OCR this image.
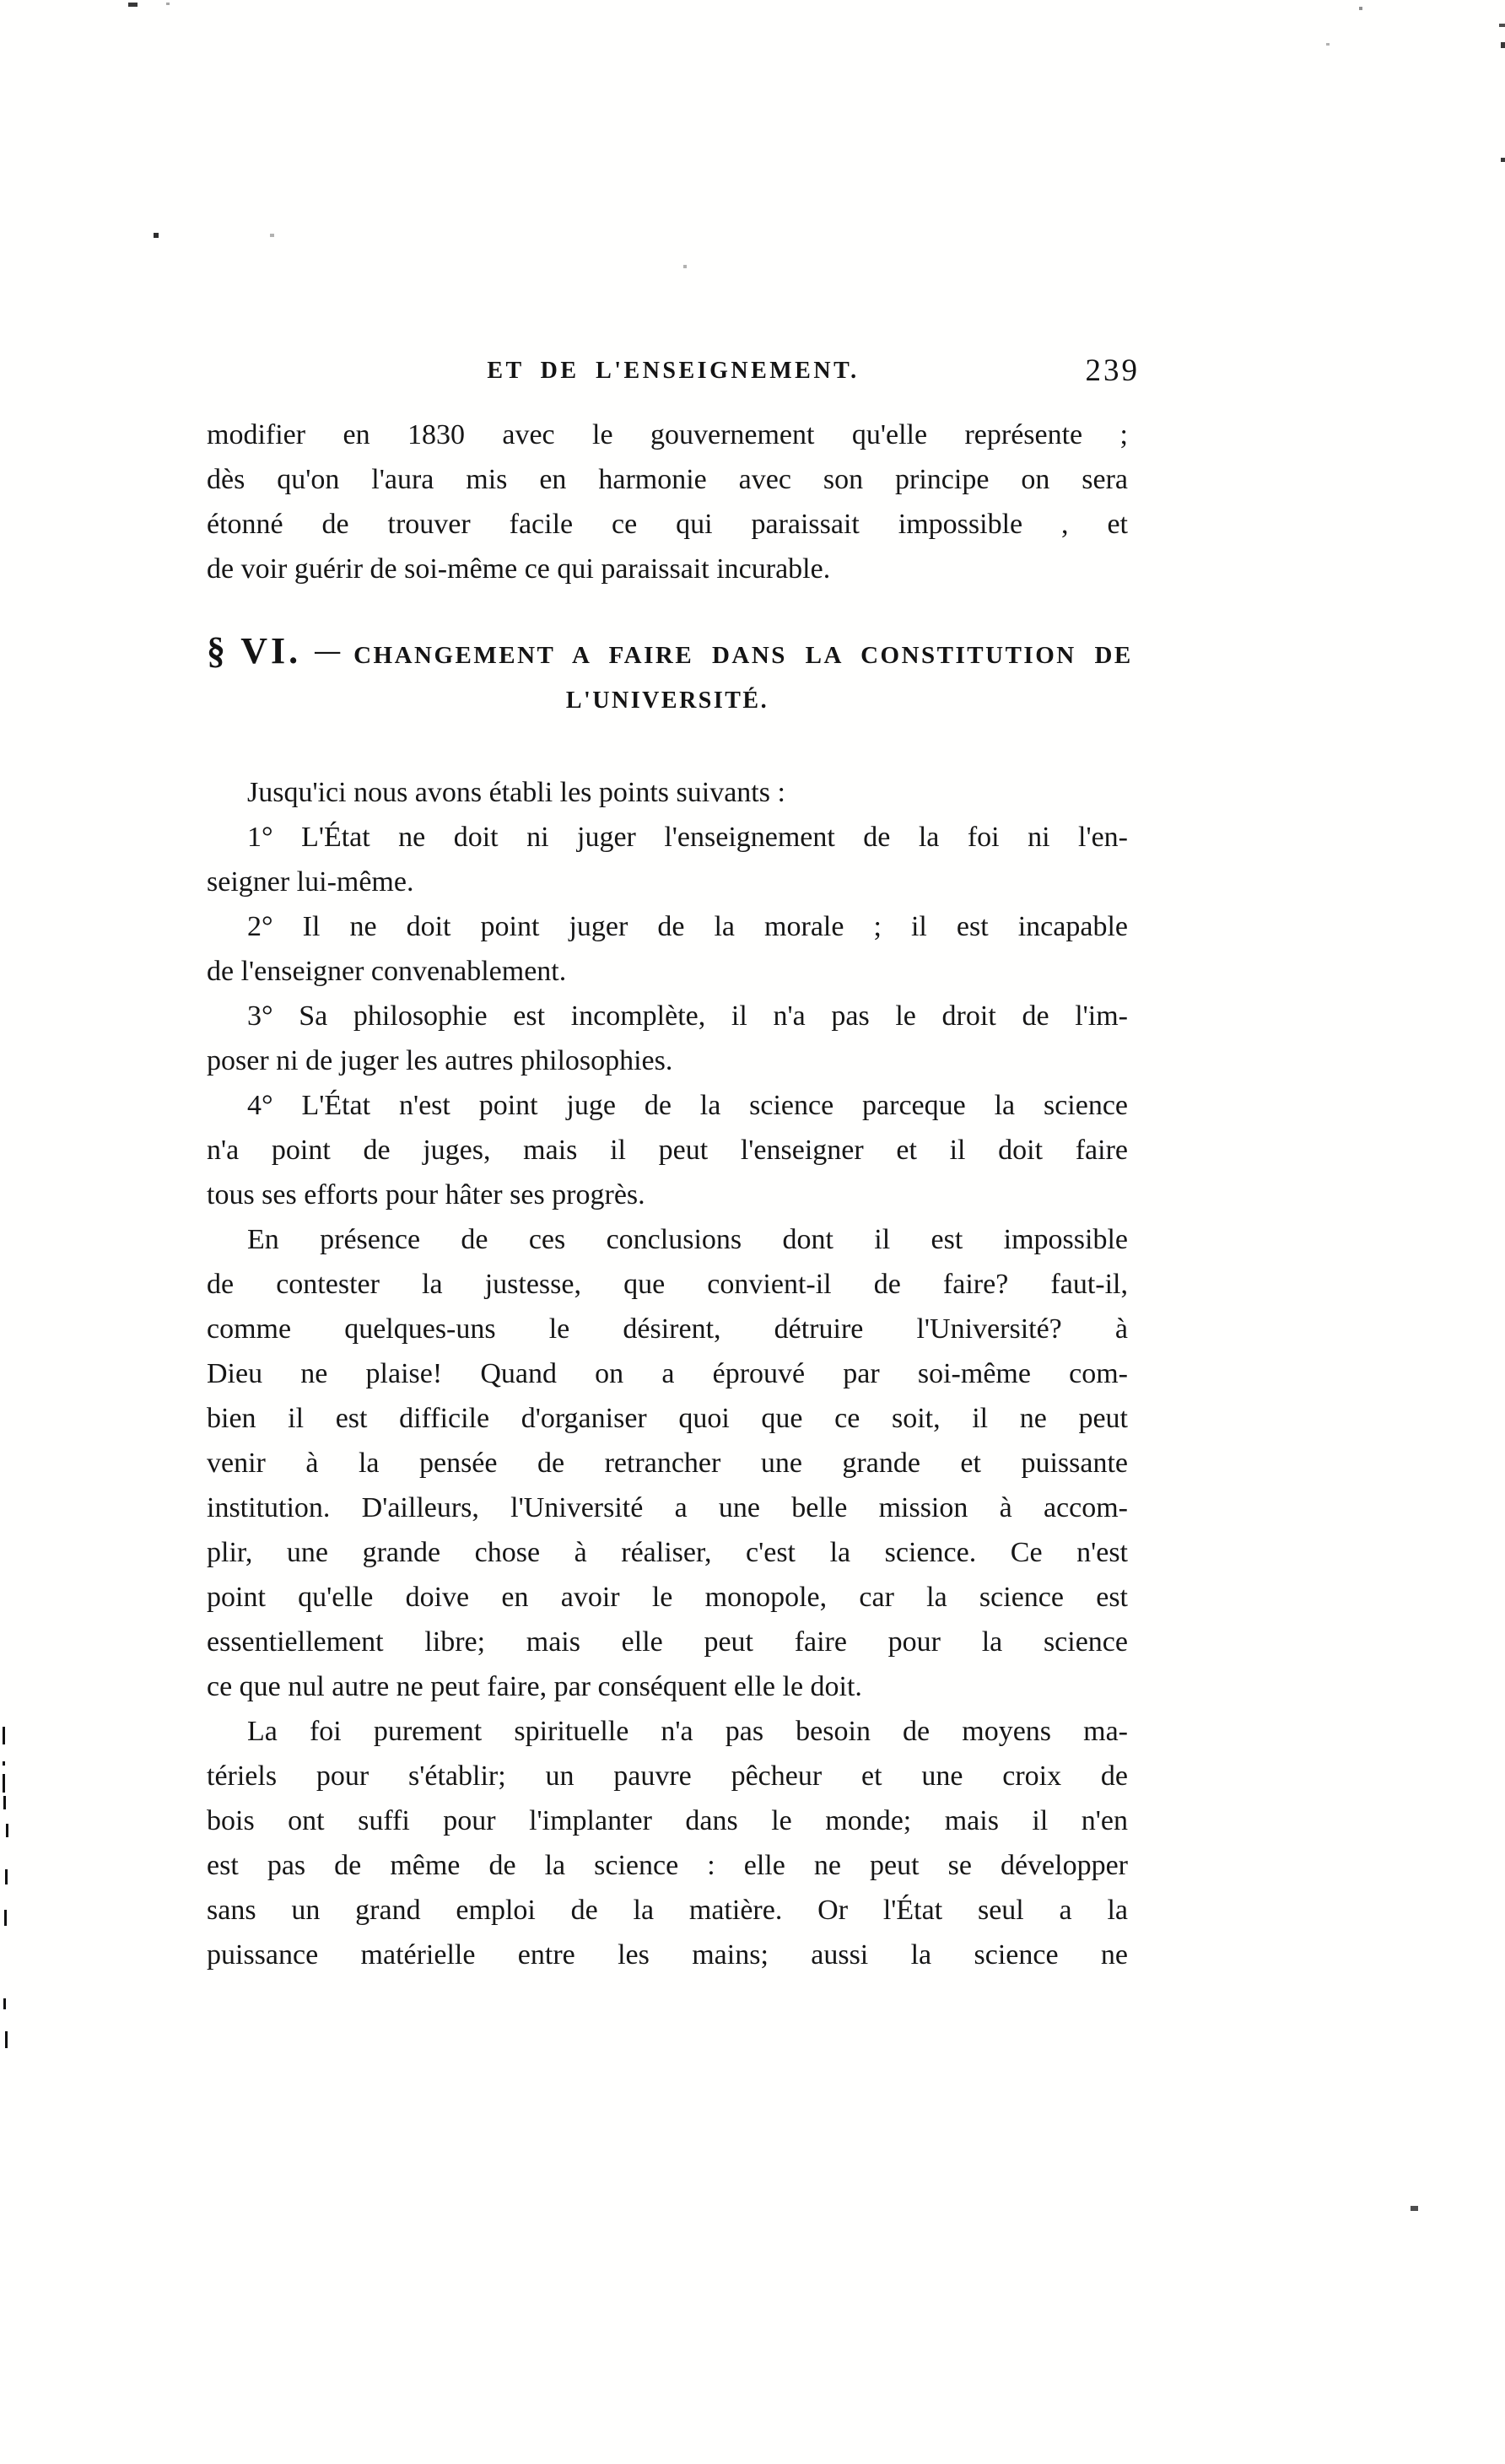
ET DE L'ENSEIGNEMENT.	239
modifier en 1830 avec le gouvernement qu'elle représente ;
dès qu'on l'aura mis en harmonie avec son principe on sera
étonné de trouver facile ce qui paraissait impossible , et
de voir guérir de soi-même ce qui paraissait incurable.
§ VI. — CHANGEMENT A FAIRE DANS LA CONSTITUTION DE
L'UNIVERSITÉ.
Jusqu'ici nous avons établi les points suivants :
1° L'État ne doit ni juger l'enseignement de la foi ni l'en-
seigner lui-même.
2° Il ne doit point juger de la morale ; il est incapable
de l'enseigner convenablement.
3° Sa philosophie est incomplète, il n'a pas le droit de l'im-
poser ni de juger les autres philosophies.
4° L'État n'est point juge de la science parceque la science
n'a point de juges, mais il peut l'enseigner et il doit faire
tous ses efforts pour hâter ses progrès.
En présence de ces conclusions dont il est impossible
de contester la justesse, que convient-il de faire? faut-il,
comme quelques-uns le désirent, détruire l'Université? à
Dieu ne plaise! Quand on a éprouvé par soi-même com-
bien il est difficile d'organiser quoi que ce soit, il ne peut
venir à la pensée de retrancher une grande et puissante
institution. D'ailleurs, l'Université a une belle mission à accom-
plir, une grande chose à réaliser, c'est la science. Ce n'est
point qu'elle doive en avoir le monopole, car la science est
essentiellement libre; mais elle peut faire pour la science
ce que nul autre ne peut faire, par conséquent elle le doit.
La foi purement spirituelle n'a pas besoin de moyens ma-
tériels pour s'établir; un pauvre pêcheur et une croix de
bois ont suffi pour l'implanter dans le monde; mais il n'en
est pas de même de la science : elle ne peut se développer
sans un grand emploi de la matière. Or l'État seul a la
puissance matérielle entre les mains; aussi la science ne
